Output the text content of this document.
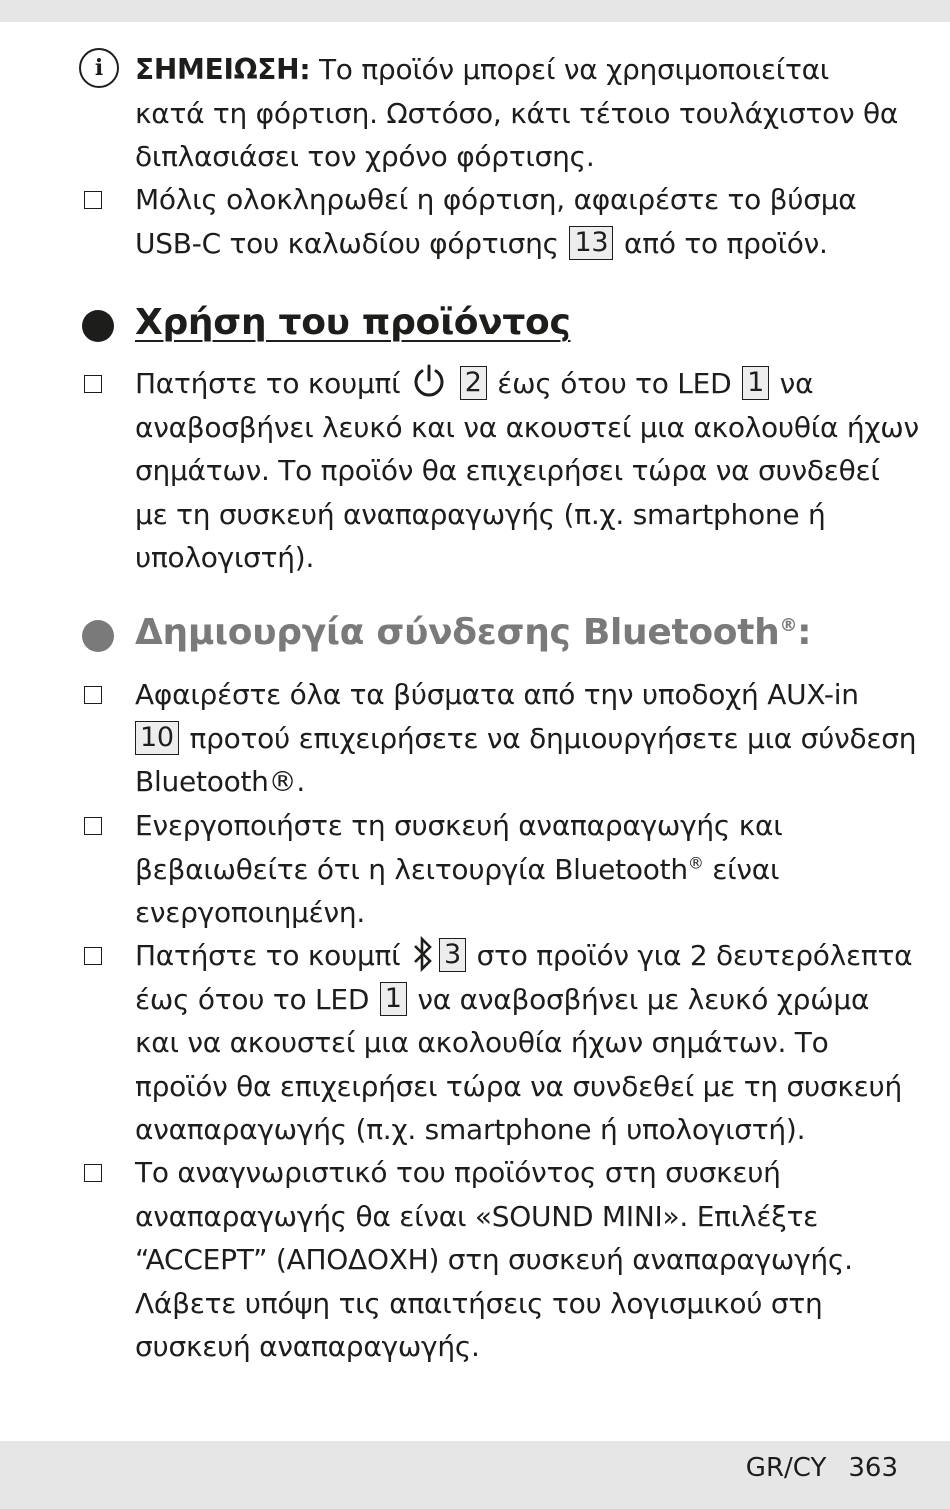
i	ΣΗΜΕΙΩΣΗ: Το προϊόν μπορεί να χρησιμοποιείται
κατά τη φόρτιση. Ωστόσο, κάτι τέτοιο τουλάχιστον θα
διπλασιάσει τον χρόνο φόρτισης.
Μόλις ολοκληρωθεί η φόρτιση, αφαιρέστε το βύσμα
USB-C του καλωδίου φόρτισης 13 από το προϊόν.
Χρήση του προϊόντος
Πατήστε το κουμπί 2 έως ότου το LED 1 να
αναβοσβήνει λευκό και να ακουστεί μια ακολουθία ήχων
σημάτων. Το προϊόν θα επιχειρήσει τώρα να συνδεθεί
με τη συσκευή αναπαραγωγής (π.χ. smartphone ή
υπολογιστή).
Δημιουργία σύνδεσης Bluetooth®:
Αφαιρέστε όλα τα βύσματα από την υποδοχή AUX-in
10 προτού επιχειρήσετε να δημιουργήσετε μια σύνδεση
Bluetooth®.
Ενεργοποιήστε τη συσκευή αναπαραγωγής και
βεβαιωθείτε ότι η λειτουργία Bluetooth® είναι
ενεργοποιημένη.
Πατήστε το κουμπί 3 στο προϊόν για 2 δευτερόλεπτα
έως ότου το LED 1 να αναβοσβήνει με λευκό χρώμα
και να ακουστεί μια ακολουθία ήχων σημάτων. Το
προϊόν θα επιχειρήσει τώρα να συνδεθεί με τη συσκευή
αναπαραγωγής (π.χ. smartphone ή υπολογιστή).
Το αναγνωριστικό του προϊόντος στη συσκευή
αναπαραγωγής θα είναι «SOUND MINI». Επιλέξτε
“ACCEPT” (ΑΠΟΔΟΧΗ) στη συσκευή αναπαραγωγής.
Λάβετε υπόψη τις απαιτήσεις του λογισμικού στη
συσκευή αναπαραγωγής.
GR/CY 363
